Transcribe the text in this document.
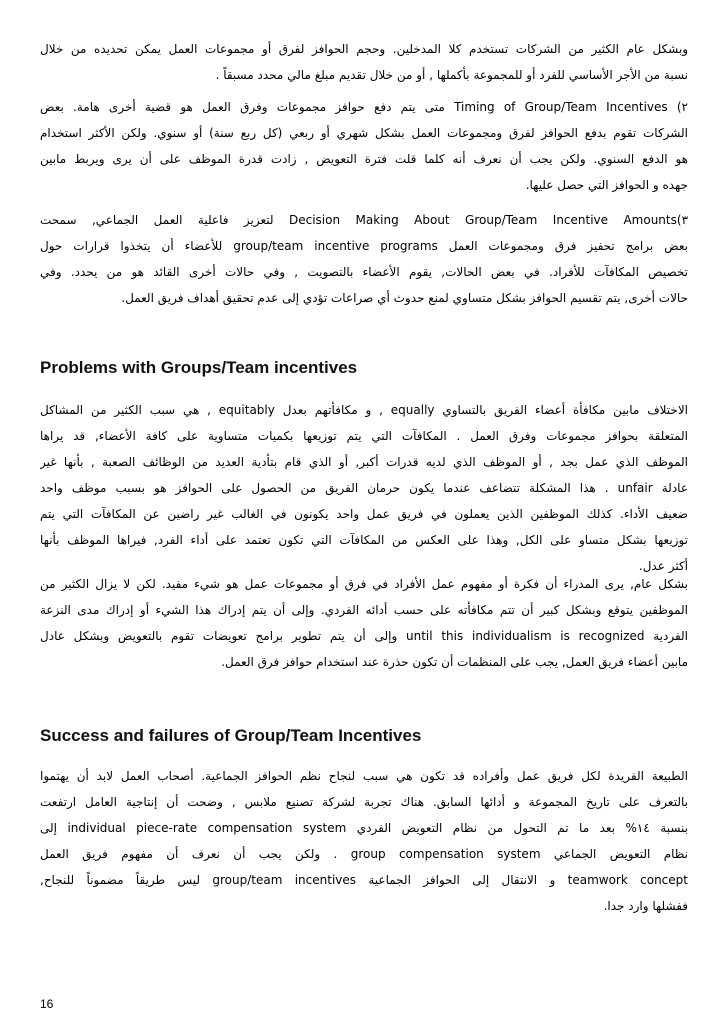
وبشكل عام الكثير من الشركات تستخدم كلا المدخلين. وحجم الحوافز لفرق أو مجموعات العمل يمكن تحديده من خلال
نسبة من الأجر الأساسي للفرد أو للمجموعة بأكملها , أو من خلال تقديم مبلغ مالي محدد مسبقاً .
٢) Timing of Group/Team Incentives متى يتم دفع حوافز مجموعات وفرق العمل هو قضية أخرى هامة. بعض
الشركات تقوم بدفع الحوافز لفرق ومجموعات العمل بشكل شهري أو ربعي (كل ربع سنة) أو سنوي. ولكن الأكثر استخدام
هو الدفع السنوي. ولكن يجب أن نعرف أنه كلما قلت فترة التعويض , زادت قدرة الموظف على أن يرى ويربط مابين
جهده و الحوافز التي حصل عليها.
٣)Decision Making About Group/Team Incentive Amounts لتعزيز فاعلية العمل الجماعي, سمحت
بعض برامج تحفيز فرق ومجموعات العمل group/team incentive programs للأعضاء أن يتخذوا قرارات حول
تخصيص المكافآت للأفراد. في بعض الحالات, يقوم الأعضاء بالتصويت , وفي حالات أخرى القائد هو من يحدد. وفي
حالات أخرى, يتم تقسيم الحوافز بشكل متساوي لمنع حدوث أي صراعات تؤدي إلى عدم تحقيق أهداف فريق العمل.
Problems with Groups/Team incentives
الاختلاف مابين مكافأة أعضاء الفريق بالتساوي equally , و مكافأتهم بعدل equitably , هي سبب الكثير من المشاكل
المتعلقة بحوافز مجموعات وفرق العمل . المكافآت التي يتم توزيعها بكميات متساوية على كافة الأعضاء, قد يراها
الموظف الذي عمل بجد , أو الموظف الذي لديه قدرات أكبر, أو الذي قام بتأدية العديد من الوظائف الصعبة , بأنها غير
عادلة unfair . هذا المشكلة تتضاعف عندما يكون حرمان الفريق من الحصول على الحوافز هو بسبب موظف واحد
ضعيف الأداء. كذلك الموظفين الذين يعملون في فريق عمل واحد يكونون في الغالب غير راضين عن المكافآت التي يتم
توزيعها بشكل متساو على الكل, وهذا على العكس من المكافآت التي تكون تعتمد على أداء الفرد, فيراها الموظف بأنها
أكثر عدل.
بشكل عام, يرى المدراء أن فكرة أو مفهوم عمل الأفراد في فرق أو مجموعات عمل هو شيء مفيد. لكن لا يزال الكثير من
الموظفين يتوقع وبشكل كبير أن تتم مكافأته على حسب أدائه الفردي. وإلى أن يتم إدراك هذا الشيء أو إدراك مدى النزعة
الفردية until this individualism is recognized وإلى أن يتم تطوير برامج تعويضات تقوم بالتعويض وبشكل عادل
مابين أعضاء فريق العمل, يجب على المنظمات أن تكون حذرة عند استخدام حوافز فرق العمل.
Success and failures of Group/Team Incentives
الطبيعة الفريدة لكل فريق عمل وأفراده قد تكون هي سبب لنجاح نظم الحوافز الجماعية. أصحاب العمل لابد أن يهتموا
بالتعرف على تاريخ المجموعة و أدائها السابق. هناك تجربة لشركة تصنيع ملابس , وضحت أن إنتاجية العامل ارتفعت
بنسبة ١٤% بعد ما تم التحول من نظام التعويض الفردي individual piece-rate compensation system إلى
نظام التعويض الجماعي group compensation system . ولكن يجب أن نعرف أن مفهوم فريق العمل
teamwork concept و الانتقال إلى الحوافز الجماعية group/team incentives ليس طريقاً مضموناً للنجاح,
ففشلها وارد جدا.
16
